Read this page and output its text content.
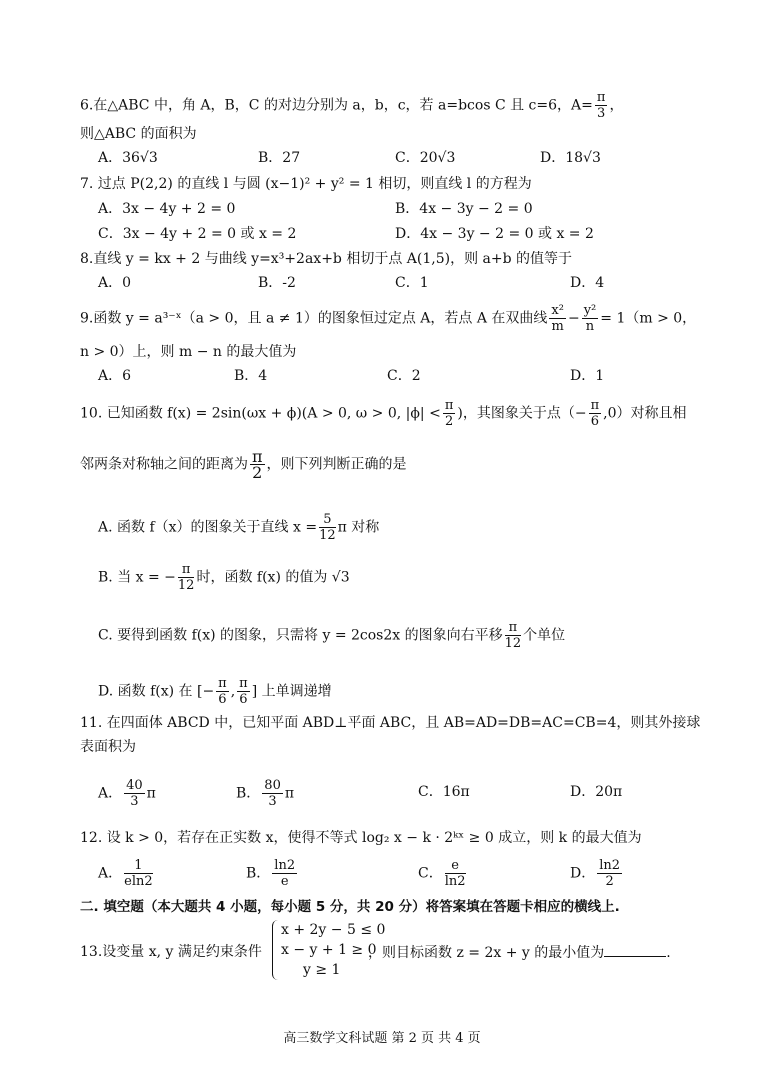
6.在△ABC 中，角 A，B，C 的对边分别为 a，b，c，若 a=bcos C 且 c=6，$A= \frac{\pi}{3}$ ，
则△ABC 的面积为
A．36√3	B．27	C．20√3	D．18√3
7. 过点 P(2,2) 的直线 l 与圆 (x−1)² + y² = 1 相切，则直线 l 的方程为
A．3x − 4y + 2 = 0	B．4x − 3y − 2 = 0
C．3x − 4y + 2 = 0 或 x = 2	D．4x − 3y − 2 = 0 或 x = 2
8.直线 y = kx + 2 与曲线 y=x³+2ax+b 相切于点 A(1,5)，则 a+b 的值等于
A．0	B．-2	C．1	D．4
9.函数 y = a³⁻ˣ（a > 0，且 a ≠ 1）的图象恒过定点 A，若点 A 在双曲线 $\frac{\text{x²}}{m} - \frac{\text{y²}}{n} = 1(m > 0$，
n > 0）上，则 m − n 的最大值为
A．6	B．4	C．2	D．1
10. 已知函数 f(x) = 2sin(ωx + ϕ)(A > 0, ω > 0, $|\phi| < \frac{\pi}{2}$ )，其图象关于点（− $\frac{\pi}{6} ,0$）对称且相
邻两条对称轴之间的距离为 $\frac{\pi}{2}$ ，则下列判断正确的是
A. 函数 f（x）的图象关于直线 $x = \frac{5}{12}$ π 对称
B. 当 x = − $\frac{\pi}{12}$ 时，函数 f(x) 的值为 √3
C. 要得到函数 f(x) 的图象，只需将 y = 2cos2x 的图象向右平移 $\frac{\pi}{12}$ 个单位
D. 函数 f(x) 在 [− $\frac{\pi}{6}$ , $\frac{\pi}{6}$ ] 上单调递增
11. 在四面体 ABCD 中，已知平面 ABD⊥平面 ABC，且 AB=AD=DB=AC=CB=4，则其外接球
表面积为
A． $\frac{40}{3}$ π	B． $\frac{80}{3}$ π	C．16π	D．20π
12. 设 k > 0，若存在正实数 x，使得不等式 log₂ x − k · 2ᵏˣ ≥ 0 成立，则 k 的最大值为
A． $\frac{1}{eln2}$	B． $\frac{\ln 2}{e}$	C． $\frac{e}{\ln 2}$	D． $\frac{\ln 2}{2}$
二. 填空题（本大题共 4 小题，每小题 5 分，共 20 分）将答案填在答题卡相应的横线上.
13.设变量 x, y 满足约束条件
x + 2y − 5 ≤ 0
x − y + 1 ≥ 0
y ≥ 1
，则目标函数 z = 2x + y 的最小值为	.
高三数学文科试题 第 2 页 共 4 页
